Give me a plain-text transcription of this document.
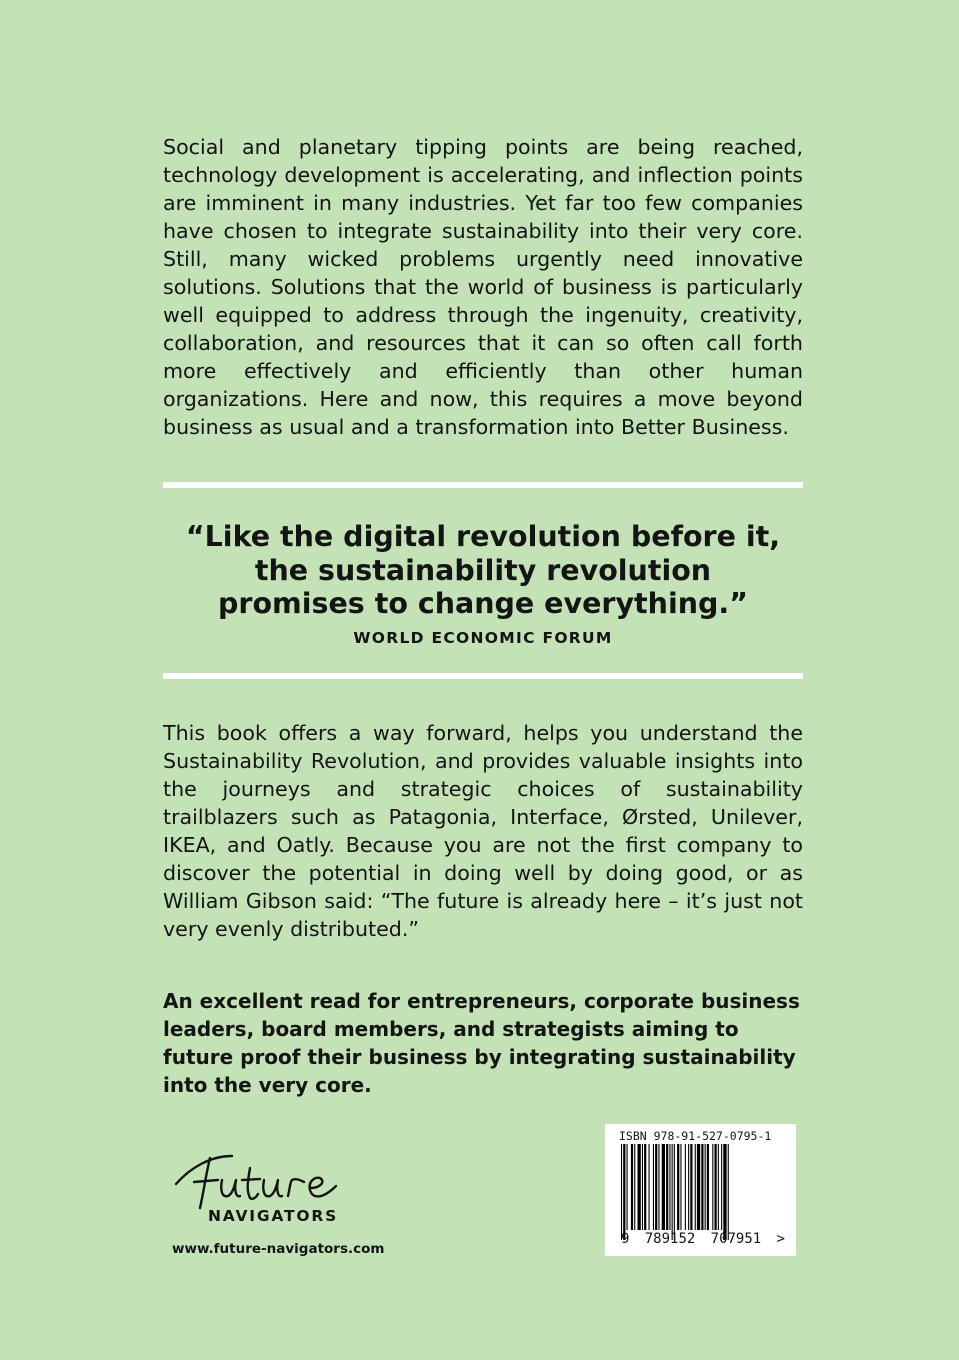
Social and planetary tipping points are being reached, technology development is accelerating, and inflection points are imminent in many industries. Yet far too few companies have chosen to integrate sustainability into their very core. Still, many wicked problems urgently need innovative solutions. Solutions that the world of business is particularly well equipped to address through the ingenuity, creativity, collaboration, and resources that it can so often call forth more effectively and efficiently than other human organizations. Here and now, this requires a move beyond business as usual and a transformation into Better Business.

“Like the digital revolution before it,
the sustainability revolution
promises to change everything.”

WORLD ECONOMIC FORUM

This book offers a way forward, helps you understand the Sustainability Revolution, and provides valuable insights into the journeys and strategic choices of sustainability trailblazers such as Patagonia, Interface, Ørsted, Unilever, IKEA, and Oatly. Because you are not the first company to discover the potential in doing well by doing good, or as William Gibson said: “The future is already here – it’s just not very evenly distributed.”

An excellent read for entrepreneurs, corporate business leaders, board members, and strategists aiming to future proof their business by integrating sustainability into the very core.

NAVIGATORS

www.future-navigators.com

ISBN 978-91-527-0795-1

9 789152 707951 >
